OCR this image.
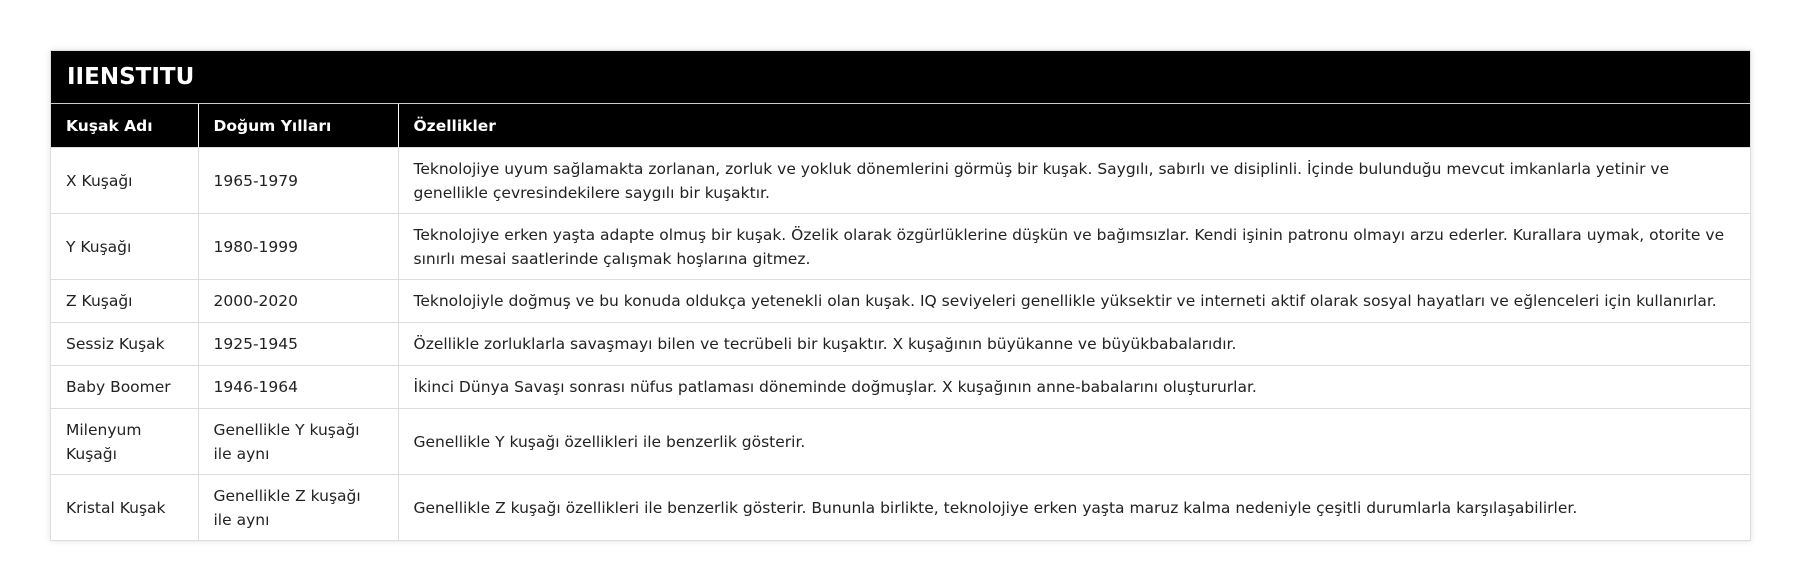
IIENSTITU
Kuşak Adı	Doğum Yılları	Özellikler
X Kuşağı	1965-1979	Teknolojiye uyum sağlamakta zorlanan, zorluk ve yokluk dönemlerini görmüş bir kuşak. Saygılı, sabırlı ve disiplinli. İçinde bulunduğu mevcut imkanlarla yetinir ve genellikle çevresindekilere saygılı bir kuşaktır.
Y Kuşağı	1980-1999	Teknolojiye erken yaşta adapte olmuş bir kuşak. Özelik olarak özgürlüklerine düşkün ve bağımsızlar. Kendi işinin patronu olmayı arzu ederler. Kurallara uymak, otorite ve sınırlı mesai saatlerinde çalışmak hoşlarına gitmez.
Z Kuşağı	2000-2020	Teknolojiyle doğmuş ve bu konuda oldukça yetenekli olan kuşak. IQ seviyeleri genellikle yüksektir ve interneti aktif olarak sosyal hayatları ve eğlenceleri için kullanırlar.
Sessiz Kuşak	1925-1945	Özellikle zorluklarla savaşmayı bilen ve tecrübeli bir kuşaktır. X kuşağının büyükanne ve büyükbabalarıdır.
Baby Boomer	1946-1964	İkinci Dünya Savaşı sonrası nüfus patlaması döneminde doğmuşlar. X kuşağının anne-babalarını oluştururlar.
Milenyum Kuşağı	Genellikle Y kuşağı ile aynı	Genellikle Y kuşağı özellikleri ile benzerlik gösterir.
Kristal Kuşak	Genellikle Z kuşağı ile aynı	Genellikle Z kuşağı özellikleri ile benzerlik gösterir. Bununla birlikte, teknolojiye erken yaşta maruz kalma nedeniyle çeşitli durumlarla karşılaşabilirler.
